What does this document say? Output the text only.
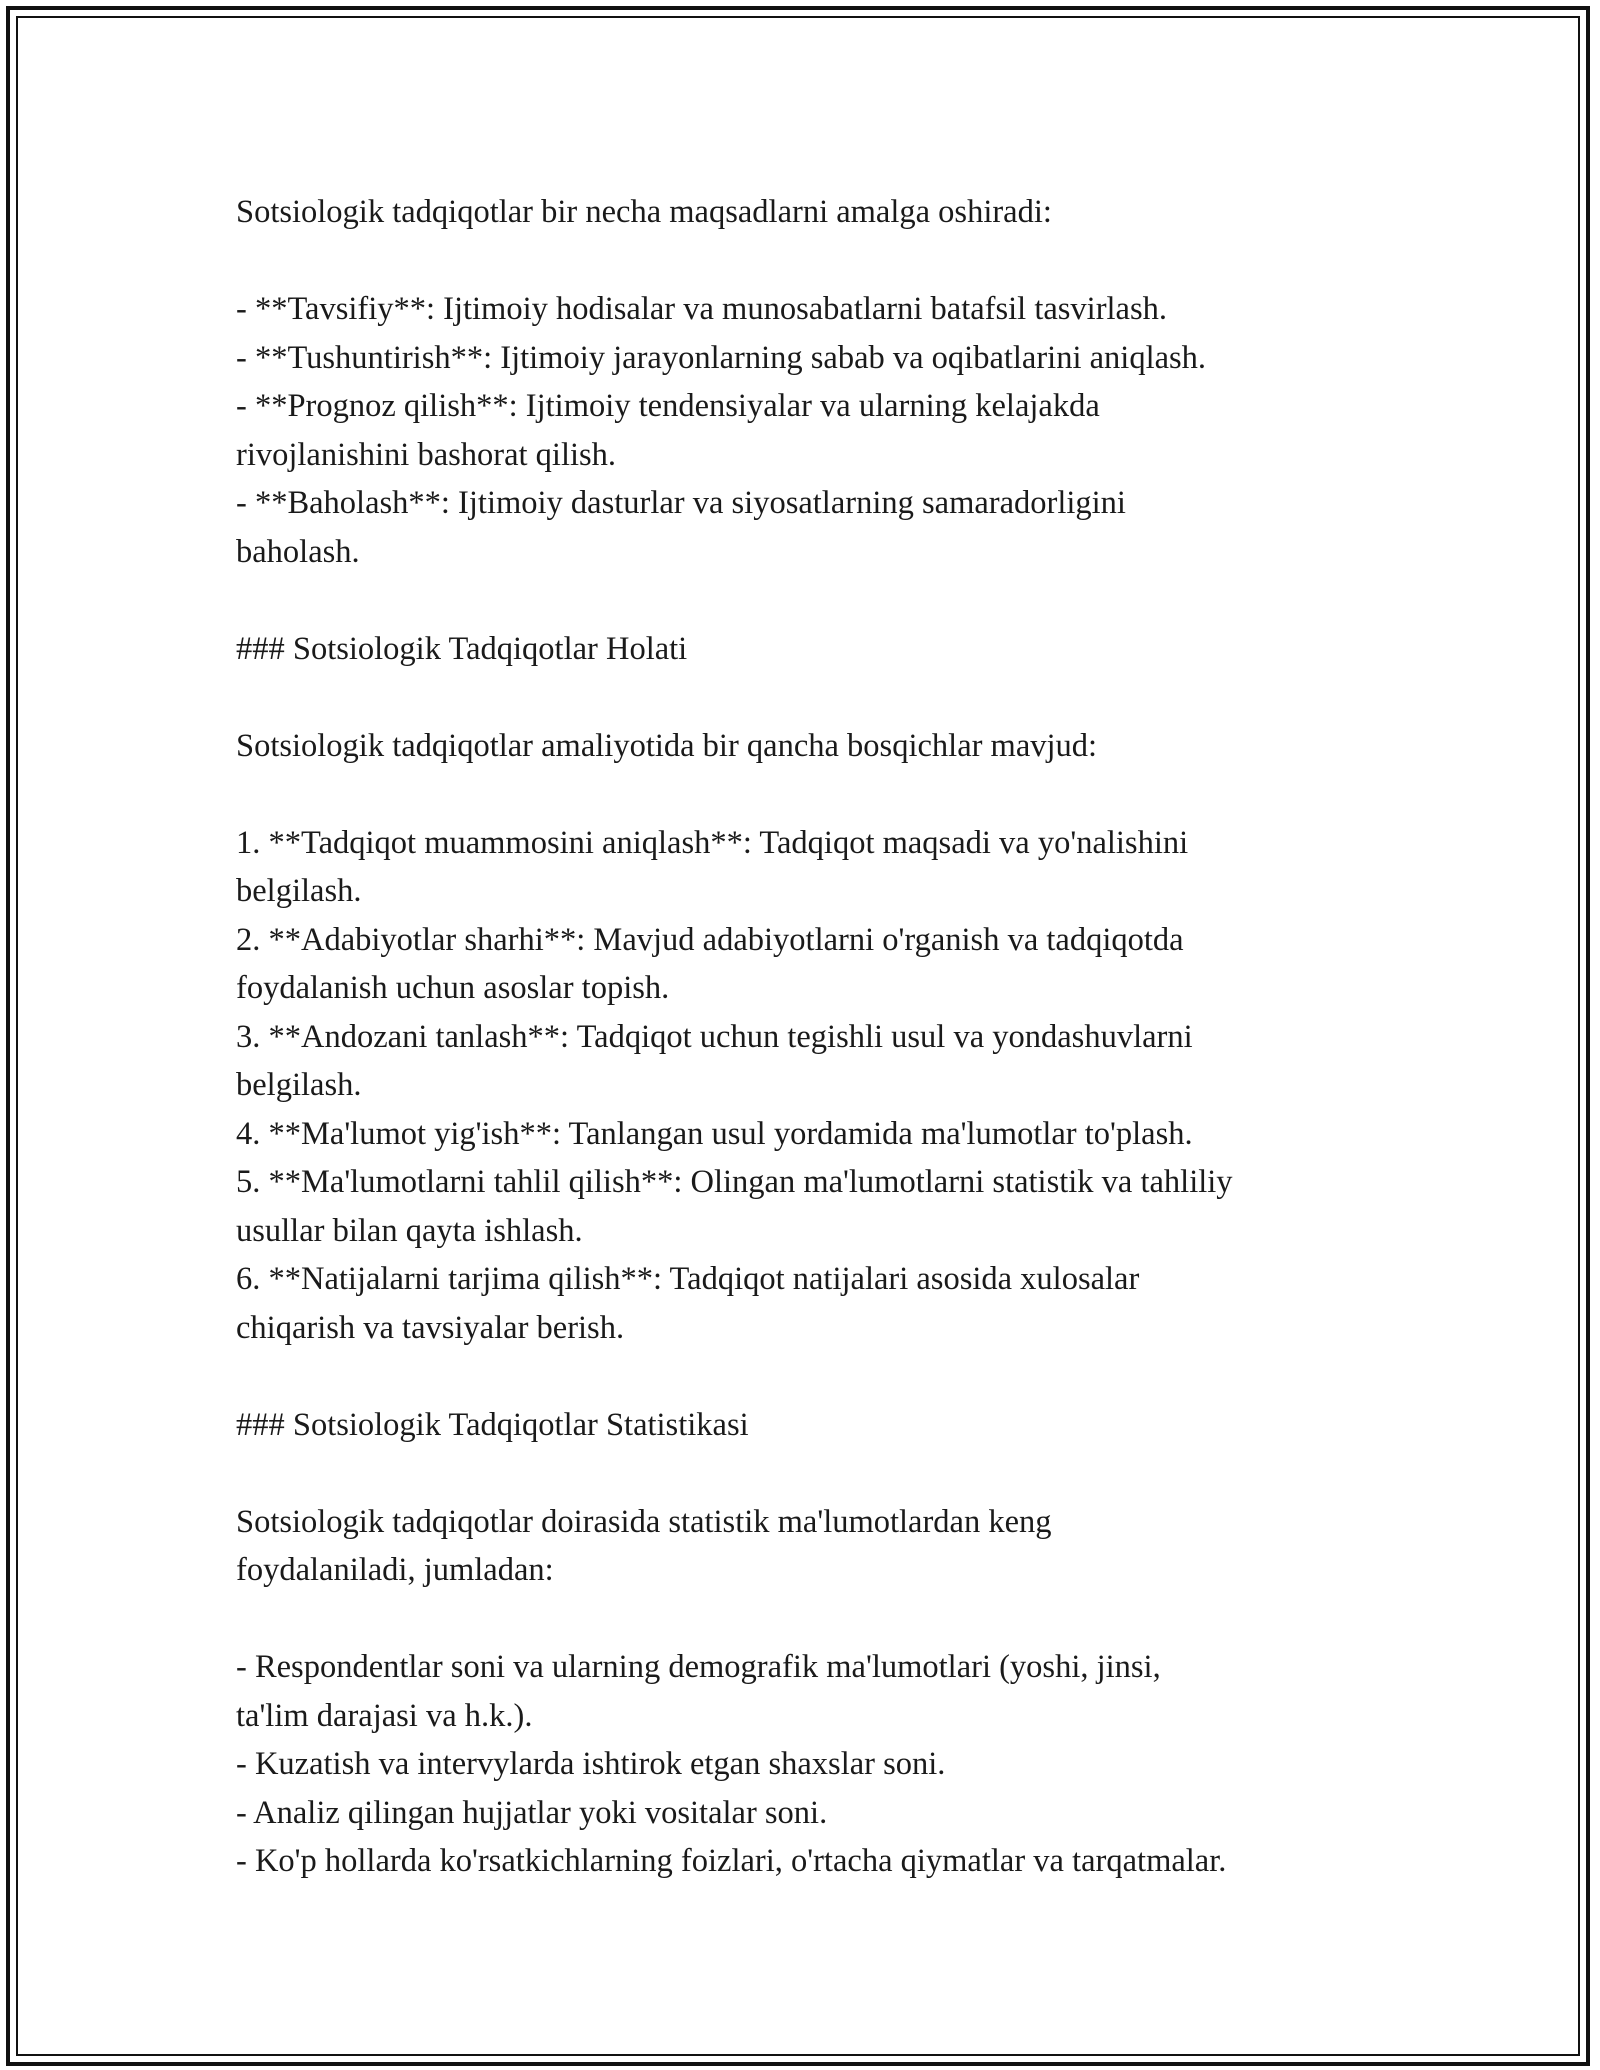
Sotsiologik tadqiqotlar bir necha maqsadlarni amalga oshiradi:

- **Tavsifiy**: Ijtimoiy hodisalar va munosabatlarni batafsil tasvirlash.

- **Tushuntirish**: Ijtimoiy jarayonlarning sabab va oqibatlarini aniqlash.

- **Prognoz qilish**: Ijtimoiy tendensiyalar va ularning kelajakda
rivojlanishini bashorat qilish.

- **Baholash**: Ijtimoiy dasturlar va siyosatlarning samaradorligini
baholash.

### Sotsiologik Tadqiqotlar Holati

Sotsiologik tadqiqotlar amaliyotida bir qancha bosqichlar mavjud:

1. **Tadqiqot muammosini aniqlash**: Tadqiqot maqsadi va yo'nalishini
belgilash.

2. **Adabiyotlar sharhi**: Mavjud adabiyotlarni o'rganish va tadqiqotda
foydalanish uchun asoslar topish.

3. **Andozani tanlash**: Tadqiqot uchun tegishli usul va yondashuvlarni
belgilash.

4. **Ma'lumot yig'ish**: Tanlangan usul yordamida ma'lumotlar to'plash.

5. **Ma'lumotlarni tahlil qilish**: Olingan ma'lumotlarni statistik va tahliliy
usullar bilan qayta ishlash.

6. **Natijalarni tarjima qilish**: Tadqiqot natijalari asosida xulosalar
chiqarish va tavsiyalar berish.

### Sotsiologik Tadqiqotlar Statistikasi

Sotsiologik tadqiqotlar doirasida statistik ma'lumotlardan keng
foydalaniladi, jumladan:

- Respondentlar soni va ularning demografik ma'lumotlari (yoshi, jinsi,
ta'lim darajasi va h.k.).

- Kuzatish va intervylarda ishtirok etgan shaxslar soni.

- Analiz qilingan hujjatlar yoki vositalar soni.

- Ko'p hollarda ko'rsatkichlarning foizlari, o'rtacha qiymatlar va tarqatmalar.
